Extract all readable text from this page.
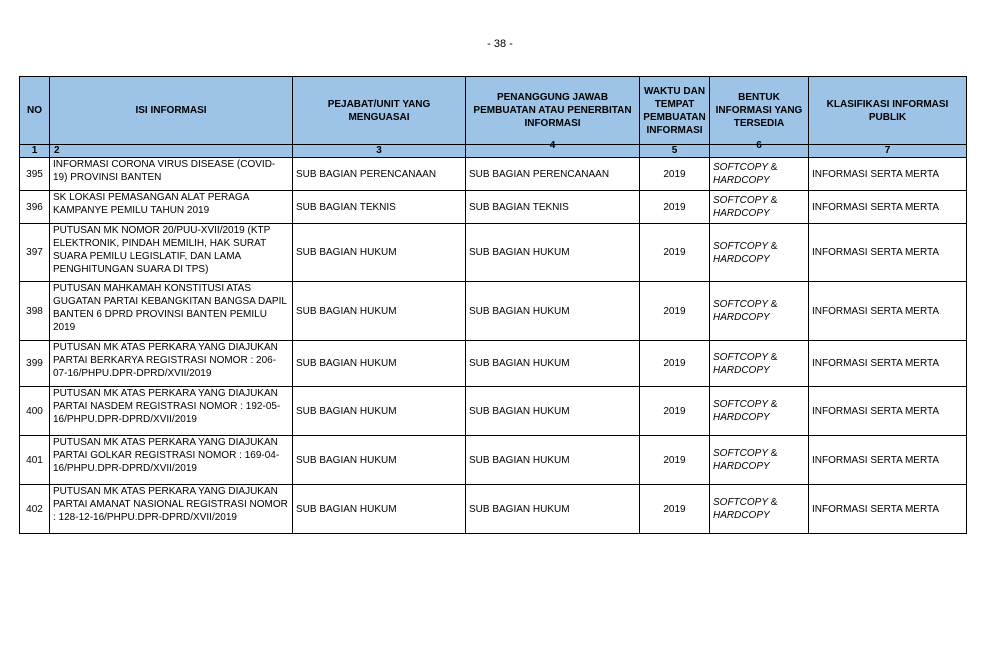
- 38 -
NO	ISI INFORMASI	PEJABAT/UNIT YANG MENGUASAI	PENANGGUNG JAWAB PEMBUATAN ATAU PENERBITAN INFORMASI	WAKTU DAN TEMPAT PEMBUATAN INFORMASI	BENTUK INFORMASI YANG TERSEDIA	KLASIFIKASI INFORMASI PUBLIK
1	2	3	4	5	6	7
395	INFORMASI CORONA VIRUS DISEASE (COVID-19) PROVINSI BANTEN	SUB BAGIAN PERENCANAAN	SUB BAGIAN PERENCANAAN	2019	SOFTCOPY &
HARDCOPY	INFORMASI SERTA MERTA
396	SK LOKASI PEMASANGAN ALAT PERAGA KAMPANYE PEMILU TAHUN 2019	SUB BAGIAN TEKNIS	SUB BAGIAN TEKNIS	2019	SOFTCOPY &
HARDCOPY	INFORMASI SERTA MERTA
397	PUTUSAN MK NOMOR 20/PUU-XVII/2019 (KTP ELEKTRONIK, PINDAH MEMILIH, HAK SURAT SUARA PEMILU LEGISLATIF, DAN LAMA PENGHITUNGAN SUARA DI TPS)	SUB BAGIAN HUKUM	SUB BAGIAN HUKUM	2019	SOFTCOPY &
HARDCOPY	INFORMASI SERTA MERTA
398	PUTUSAN MAHKAMAH KONSTITUSI ATAS GUGATAN PARTAI KEBANGKITAN BANGSA DAPIL BANTEN 6 DPRD PROVINSI BANTEN PEMILU 2019	SUB BAGIAN HUKUM	SUB BAGIAN HUKUM	2019	SOFTCOPY &
HARDCOPY	INFORMASI SERTA MERTA
399	PUTUSAN MK ATAS PERKARA YANG DIAJUKAN PARTAI BERKARYA REGISTRASI NOMOR : 206-07-16/PHPU.DPR-DPRD/XVII/2019	SUB BAGIAN HUKUM	SUB BAGIAN HUKUM	2019	SOFTCOPY &
HARDCOPY	INFORMASI SERTA MERTA
400	PUTUSAN MK ATAS PERKARA YANG DIAJUKAN PARTAI NASDEM REGISTRASI NOMOR : 192-05-16/PHPU.DPR-DPRD/XVII/2019	SUB BAGIAN HUKUM	SUB BAGIAN HUKUM	2019	SOFTCOPY &
HARDCOPY	INFORMASI SERTA MERTA
401	PUTUSAN MK ATAS PERKARA YANG DIAJUKAN PARTAI GOLKAR REGISTRASI NOMOR : 169-04-16/PHPU.DPR-DPRD/XVII/2019	SUB BAGIAN HUKUM	SUB BAGIAN HUKUM	2019	SOFTCOPY &
HARDCOPY	INFORMASI SERTA MERTA
402	PUTUSAN MK ATAS PERKARA YANG DIAJUKAN PARTAI AMANAT NASIONAL REGISTRASI NOMOR : 128-12-16/PHPU.DPR-DPRD/XVII/2019	SUB BAGIAN HUKUM	SUB BAGIAN HUKUM	2019	SOFTCOPY &
HARDCOPY	INFORMASI SERTA MERTA
